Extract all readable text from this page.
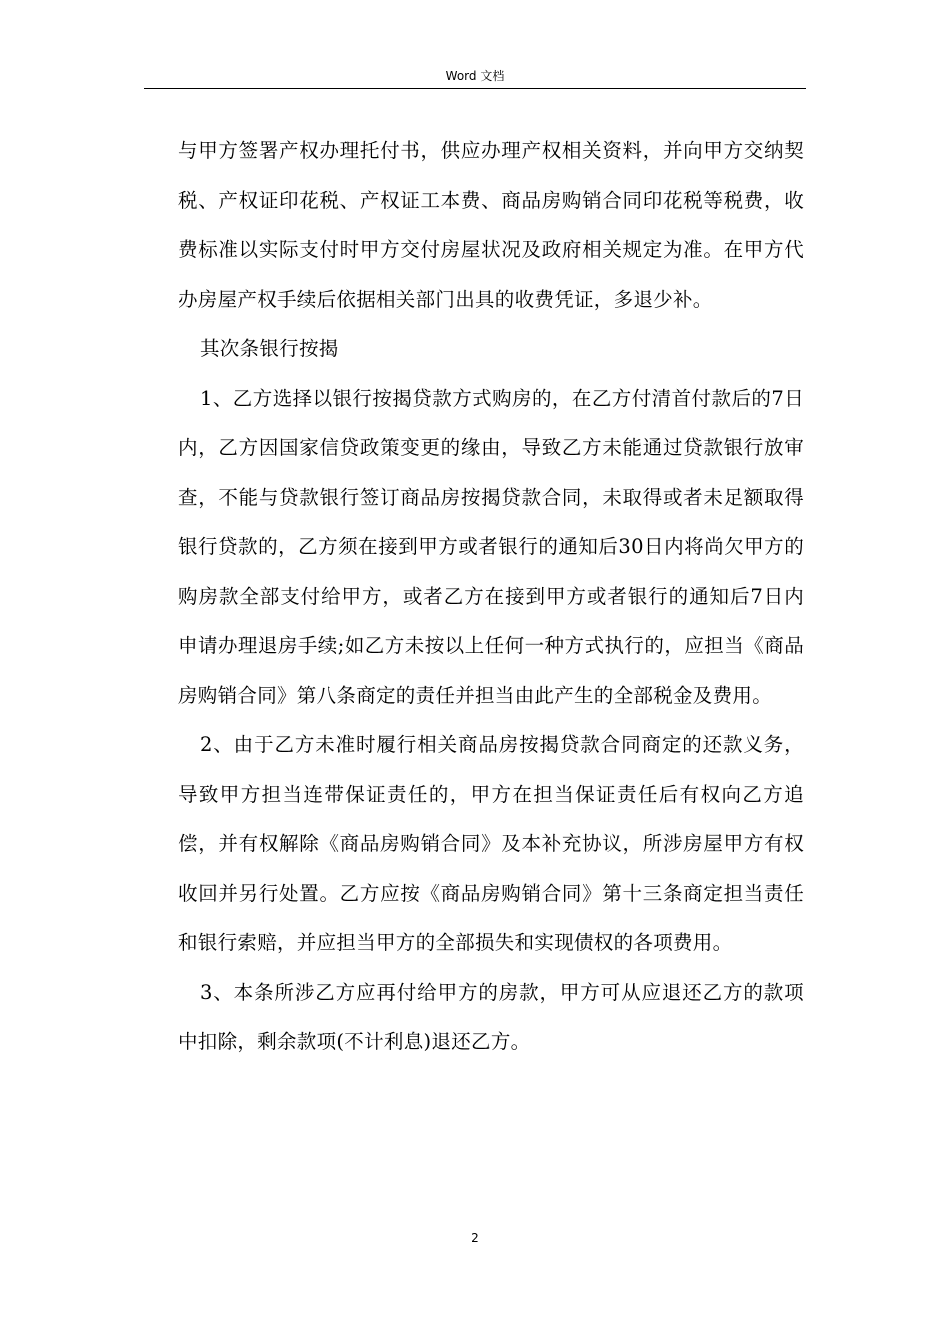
Word 文档

与甲方签署产权办理托付书，供应办理产权相关资料，并向甲方交纳契税、产权证印花税、产权证工本费、商品房购销合同印花税等税费，收费标准以实际支付时甲方交付房屋状况及政府相关规定为准。在甲方代办房屋产权手续后依据相关部门出具的收费凭证，多退少补。

其次条银行按揭

1、乙方选择以银行按揭贷款方式购房的，在乙方付清首付款后的7日内，乙方因国家信贷政策变更的缘由，导致乙方未能通过贷款银行放审查，不能与贷款银行签订商品房按揭贷款合同，未取得或者未足额取得银行贷款的，乙方须在接到甲方或者银行的通知后30日内将尚欠甲方的购房款全部支付给甲方，或者乙方在接到甲方或者银行的通知后7日内申请办理退房手续;如乙方未按以上任何一种方式执行的，应担当《商品房购销合同》第八条商定的责任并担当由此产生的全部税金及费用。

2、由于乙方未准时履行相关商品房按揭贷款合同商定的还款义务，导致甲方担当连带保证责任的，甲方在担当保证责任后有权向乙方追偿，并有权解除《商品房购销合同》及本补充协议，所涉房屋甲方有权收回并另行处置。乙方应按《商品房购销合同》第十三条商定担当责任和银行索赔，并应担当甲方的全部损失和实现债权的各项费用。

3、本条所涉乙方应再付给甲方的房款，甲方可从应退还乙方的款项中扣除，剩余款项(不计利息)退还乙方。

2
